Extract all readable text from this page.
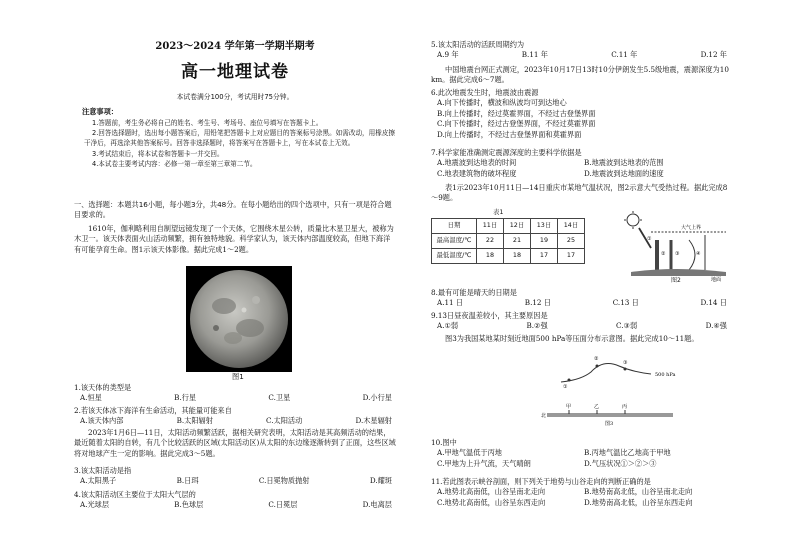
2023～2024 学年第一学期半期考
高一地理试卷
本试卷满分100分，考试用时75分钟。
注意事项：

1.答题前，考生务必将自己的姓名、考生号、考场号、座位号填写在答题卡上。

2.回答选择题时，选出每小题答案后，用铅笔把答题卡上对应题目的答案标号涂黑。如需改动，用橡皮擦干净后，再选涂其他答案标号。回答非选择题时，将答案写在答题卡上，写在本试卷上无效。

3.考试结束后，将本试卷和答题卡一并交回。

4.本试卷主要考试内容：必修一第一章至第三章第二节。

一、选择题：本题共16小题，每小题3分，共48分。在每小题给出的四个选项中，只有一项是符合题目要求的。

1610年，伽利略利用自制望远镜发现了一个天体，它围绕木星公转，质量比木星卫星大，被称为木卫一。该天体表面火山活动频繁，拥有独特地貌。科学家认为，该天体内部温度较高，但地下海洋有可能孕育生命。图1示该天体影像。据此完成1～2题。

图1

1.该天体的类型是

A.恒星	B.行星	C.卫星	D.小行星

2.若该天体冰下海洋有生命活动，其能量可能来自

A.该天体内部	B.太阳辐射	C.太阳活动	D.木星辐射

2023年1月6日—11日，太阳活动频繁活跃，据相关研究表明，太阳活动是其高频活动的结果，最近随着太阳的自转，有几个比较活跃的区域(太阳活动区)从太阳的东边缘逐渐转到了正面，这些区域将对地球产生一定的影响。据此完成3～5题。

3.该太阳活动是指

A.太阳黑子	B.日珥	C.日冕物质抛射	D.耀斑

4.该太阳活动区主要位于太阳大气层的

A.光球层	B.色球层	C.日冕层	D.电离层

5.该太阳活动的活跃周期约为

A.9 年	B.11 年	C.11 年	D.12 年

中国地震台网正式测定，2023年10月17日13时10分伊朗发生5.5级地震，震源深度为10 km。据此完成6～7题。

6.此次地震发生时，地震波由震源

A.向下传播时，横波和纵波均可到达地心
B.向上传播时，经过莫霍界面，不经过古登堡界面
C.向下传播时，经过古登堡界面，不经过莫霍界面
D.向上传播时，不经过古登堡界面和莫霍界面

7.科学家能准确测定震源深度的主要科学依据是

A.地震波到达地表的时间	B.地震波到达地表的范围
C.地表建筑物的破坏程度	D.地震波到达地面的速度

表1示2023年10月11日—14日重庆市某地气温状况，图2示意大气受热过程。据此完成8～9题。

表1
日期	11日	12日	13日	14日
最高温度/℃	22	21	19	25
最低温度/℃	18	18	17	17
大气上界
地面
①
② ③	④
图2

8.最有可能是晴天的日期是

A.11 日	B.12 日	C.13 日	D.14 日

9.13日昼夜温差较小，其主要原因是

A.①弱	B.②强	C.③弱	D.④强

图3为我国某地某时刻近地面500 hPa等压面分布示意图。据此完成10～11题。

①
②
③
500 hPa
北
甲	乙	丙
图3

10.图中

A.甲地气温低于丙地	B.丙地气温比乙地高于甲地
C.甲地为上升气流，天气晴朗	D.气压状况①＞②＞③

11.若此图表示峡谷剖面，则下列关于地势与山谷走向的判断正确的是

A.地势北高南低，山谷呈南北走向	B.地势南高北低，山谷呈南北走向
C.地势北高南低，山谷呈东西走向	D.地势南高北低，山谷呈东西走向
